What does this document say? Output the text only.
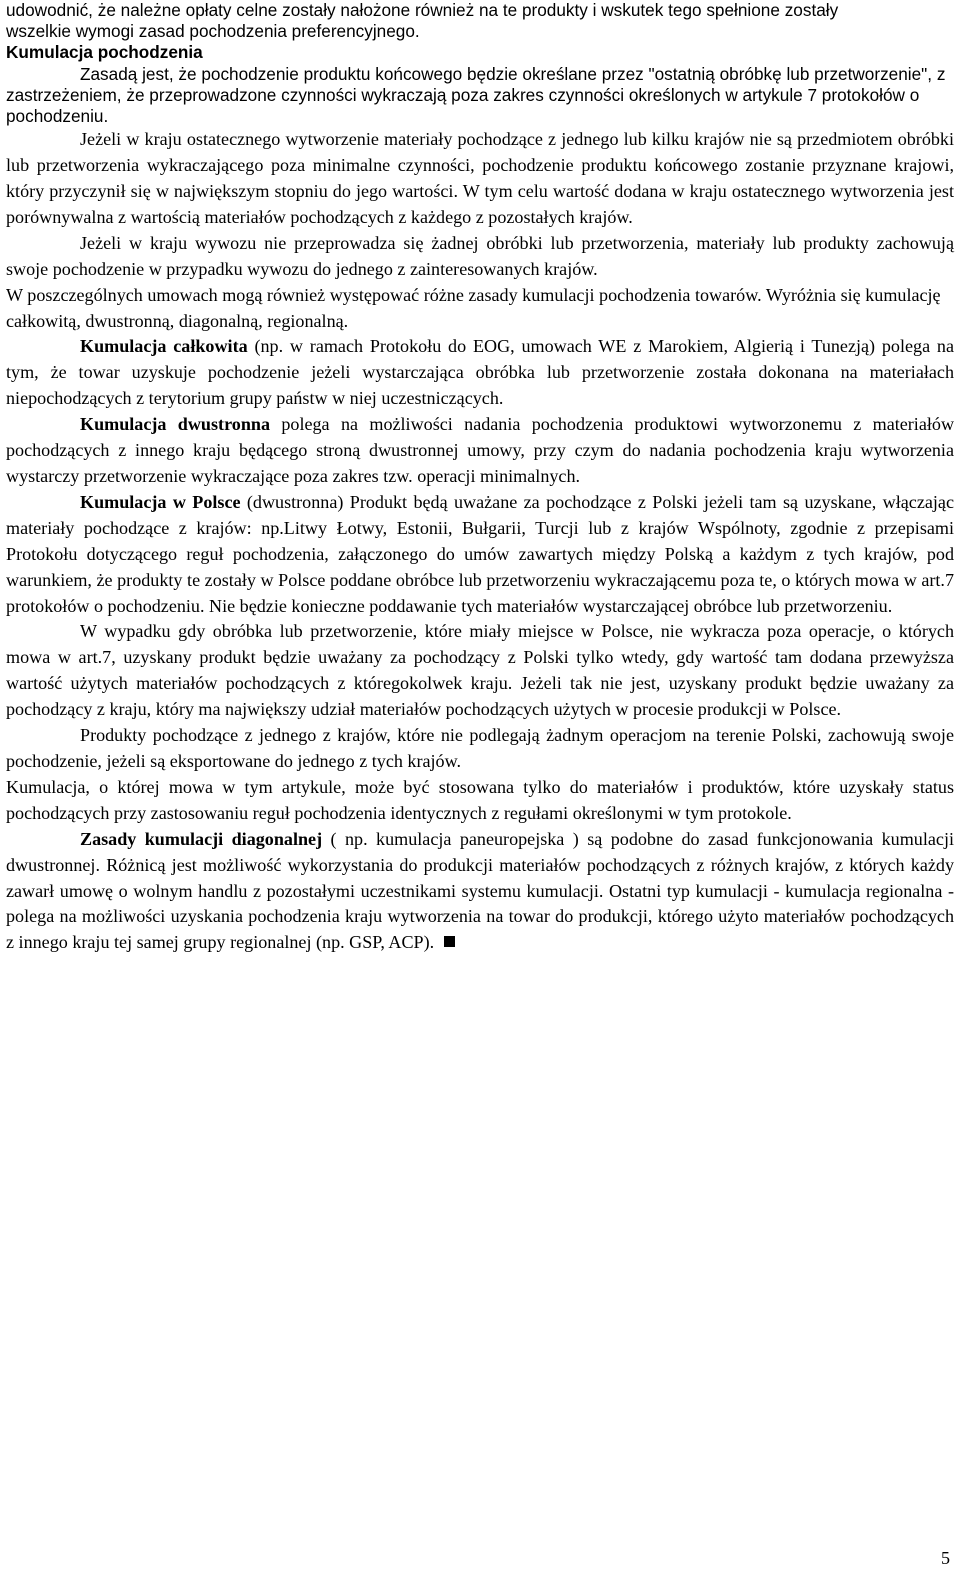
udowodnić, że należne opłaty celne zostały nałożone również na te produkty i wskutek tego spełnione zostały

wszelkie wymogi zasad pochodzenia preferencyjnego.

Kumulacja pochodzenia

Zasadą jest, że pochodzenie produktu końcowego będzie określane przez "ostatnią obróbkę lub przetworzenie", z zastrzeżeniem, że przeprowadzone czynności wykraczają poza zakres czynności określonych w artykule 7 protokołów o pochodzeniu.

Jeżeli w kraju ostatecznego wytworzenie materiały pochodzące z jednego lub kilku krajów nie są przedmiotem obróbki lub przetworzenia wykraczającego poza minimalne czynności, pochodzenie produktu końcowego zostanie przyznane krajowi, który przyczynił się w największym stopniu do jego wartości. W tym celu wartość dodana w kraju ostatecznego wytworzenia jest porównywalna z wartością materiałów pochodzących z każdego z pozostałych krajów.

Jeżeli w kraju wywozu nie przeprowadza się żadnej obróbki lub przetworzenia, materiały lub produkty zachowują swoje pochodzenie w przypadku wywozu do jednego z zainteresowanych krajów.

W poszczególnych umowach mogą również występować różne zasady kumulacji pochodzenia towarów. Wyróżnia się kumulację całkowitą, dwustronną, diagonalną, regionalną.

Kumulacja całkowita (np. w ramach Protokołu do EOG, umowach WE z Marokiem, Algierią i Tunezją) polega na tym, że towar uzyskuje pochodzenie jeżeli wystarczająca obróbka lub przetworzenie została dokonana na materiałach niepochodzących z terytorium grupy państw w niej uczestniczących.

Kumulacja dwustronna polega na możliwości nadania pochodzenia produktowi wytworzonemu z materiałów pochodzących z innego kraju będącego stroną dwustronnej umowy, przy czym do nadania pochodzenia kraju wytworzenia wystarczy przetworzenie wykraczające poza zakres tzw. operacji minimalnych.

Kumulacja w Polsce (dwustronna) Produkt będą uważane za pochodzące z Polski jeżeli tam są uzyskane, włączając materiały pochodzące z krajów: np.Litwy Łotwy, Estonii, Bułgarii, Turcji lub z krajów Wspólnoty, zgodnie z przepisami Protokołu dotyczącego reguł pochodzenia, załączonego do umów zawartych między Polską a każdym z tych krajów, pod warunkiem, że produkty te zostały w Polsce poddane obróbce lub przetworzeniu wykraczającemu poza te, o których mowa w art.7 protokołów o pochodzeniu. Nie będzie konieczne poddawanie tych materiałów wystarczającej obróbce lub przetworzeniu.

W wypadku gdy obróbka lub przetworzenie, które miały miejsce w Polsce, nie wykracza poza operacje, o których mowa w art.7, uzyskany produkt będzie uważany za pochodzący z Polski tylko wtedy, gdy wartość tam dodana przewyższa wartość użytych materiałów pochodzących z któregokolwek kraju. Jeżeli tak nie jest, uzyskany produkt będzie uważany za pochodzący z kraju, który ma największy udział materiałów pochodzących użytych w procesie produkcji w Polsce.

Produkty pochodzące z jednego z krajów, które nie podlegają żadnym operacjom na terenie Polski, zachowują swoje pochodzenie, jeżeli są eksportowane do jednego z tych krajów.

Kumulacja, o której mowa w tym artykule, może być stosowana tylko do materiałów i produktów, które uzyskały status pochodzących przy zastosowaniu reguł pochodzenia identycznych z regułami określonymi w tym protokole.

Zasady kumulacji diagonalnej ( np. kumulacja paneuropejska ) są podobne do zasad funkcjonowania kumulacji dwustronnej. Różnicą jest możliwość wykorzystania do produkcji materiałów pochodzących z różnych krajów, z których każdy zawarł umowę o wolnym handlu z pozostałymi uczestnikami systemu kumulacji. Ostatni typ kumulacji - kumulacja regionalna - polega na możliwości uzyskania pochodzenia kraju wytworzenia na towar do produkcji, którego użyto materiałów pochodzących z innego kraju tej samej grupy regionalnej (np. GSP, ACP).

5
